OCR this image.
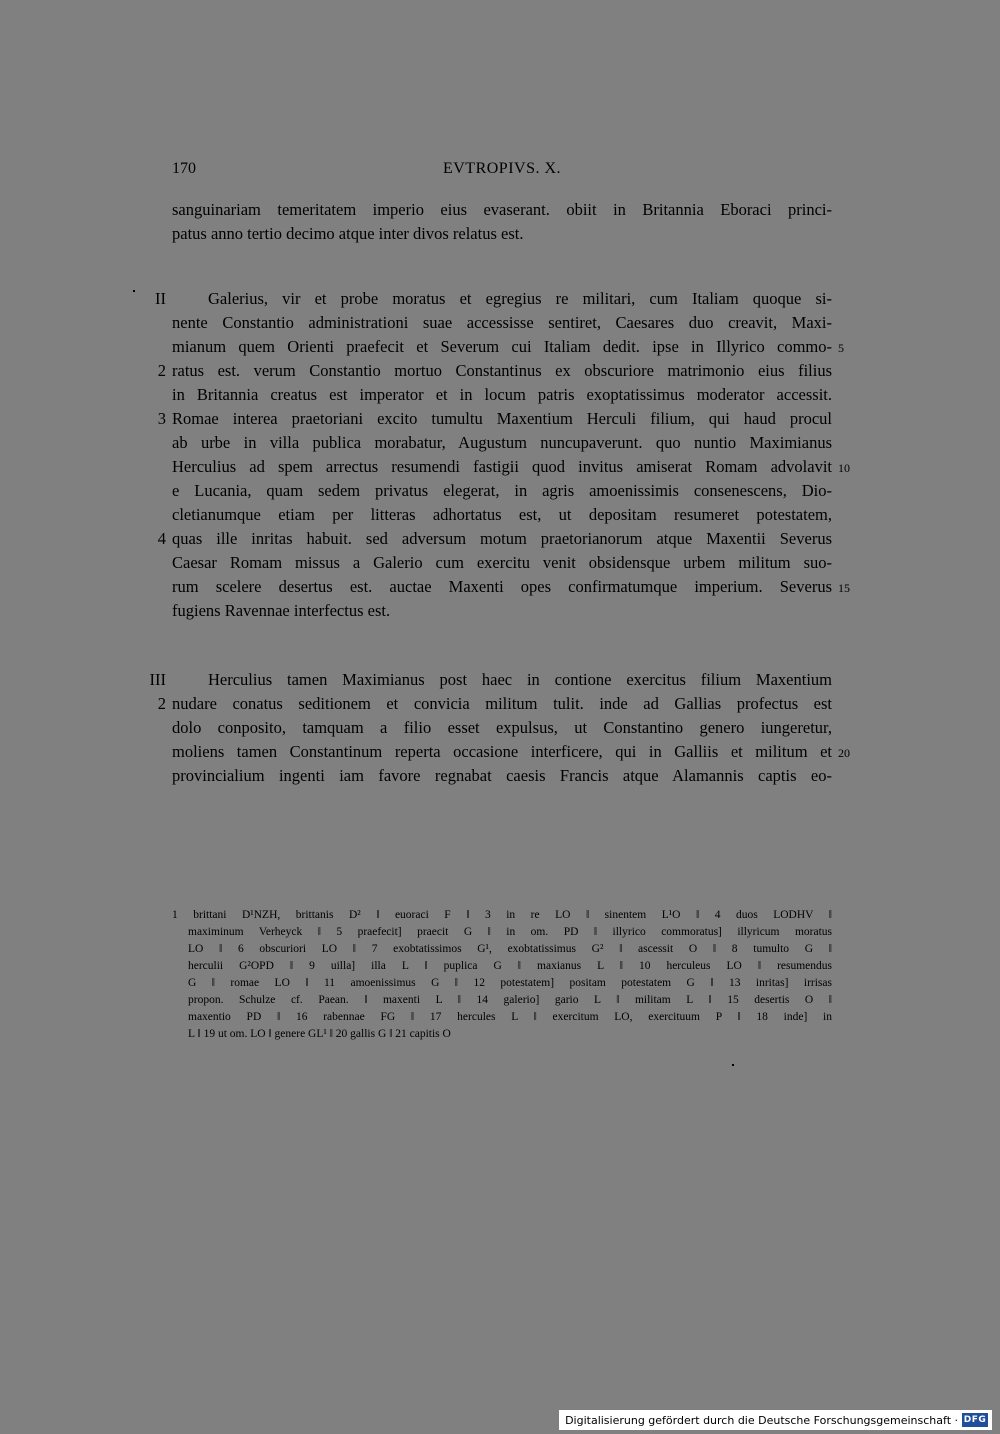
170	EVTROPIVS. X.
sanguinariam temeritatem imperio eius evaserant. obiit in Britannia Eboraci princi-
patus anno tertio decimo atque inter divos relatus est.
Galerius, vir et probe moratus et egregius re militari, cum Italiam quoque si-
nente Constantio administrationi suae accessisse sentiret, Caesares duo creavit, Maxi-
mianum quem Orienti praefecit et Severum cui Italiam dedit. ipse in Illyrico commo-
ratus est. verum Constantio mortuo Constantinus ex obscuriore matrimonio eius filius
in Britannia creatus est imperator et in locum patris exoptatissimus moderator accessit.
Romae interea praetoriani excito tumultu Maxentium Herculi filium, qui haud procul
ab urbe in villa publica morabatur, Augustum nuncupaverunt. quo nuntio Maximianus
Herculius ad spem arrectus resumendi fastigii quod invitus amiserat Romam advolavit
e Lucania, quam sedem privatus elegerat, in agris amoenissimis consenescens, Dio-
cletianumque etiam per litteras adhortatus est, ut depositam resumeret potestatem,
quas ille inritas habuit. sed adversum motum praetorianorum atque Maxentii Severus
Caesar Romam missus a Galerio cum exercitu venit obsidensque urbem militum suo-
rum scelere desertus est. auctae Maxenti opes confirmatumque imperium. Severus
fugiens Ravennae interfectus est.
Herculius tamen Maximianus post haec in contione exercitus filium Maxentium
nudare conatus seditionem et convicia militum tulit. inde ad Gallias profectus est
dolo conposito, tamquam a filio esset expulsus, ut Constantino genero iungeretur,
moliens tamen Constantinum reperta occasione interficere, qui in Galliis et militum et
provincialium ingenti iam favore regnabat caesis Francis atque Alamannis captis eo-
II
2
3
4
III
2
5
10
15
20
1 brittani D¹NZH, brittanis D² ‖ euoraci F ‖ 3 in re LO ‖ sinentem L¹O ‖ 4 duos LODHV ‖
maximinum Verheyck ‖ 5 praefecit] praecit G ‖ in om. PD ‖ illyrico commoratus] illyricum moratus
LO ‖ 6 obscuriori LO ‖ 7 exobtatissimos G¹, exobtatissimus G² ‖ ascessit O ‖ 8 tumulto G ‖
herculii G²OPD ‖ 9 uilla] illa L ‖ puplica G ‖ maxianus L ‖ 10 herculeus LO ‖ resumendus
G ‖ romae LO ‖ 11 amoenissimus G ‖ 12 potestatem] positam potestatem G ‖ 13 inritas] irrisas
propon. Schulze cf. Paean. ‖ maxenti L ‖ 14 galerio] gario L ‖ militam L ‖ 15 desertis O ‖
maxentio PD ‖ 16 rabennae FG ‖ 17 hercules L ‖ exercitum LO, exercituum P ‖ 18 inde] in
L ‖ 19 ut om. LO ‖ genere GL¹ ‖ 20 gallis G ‖ 21 capitis O
Digitalisierung gefördert durch die Deutsche Forschungsgemeinschaft · DFG
